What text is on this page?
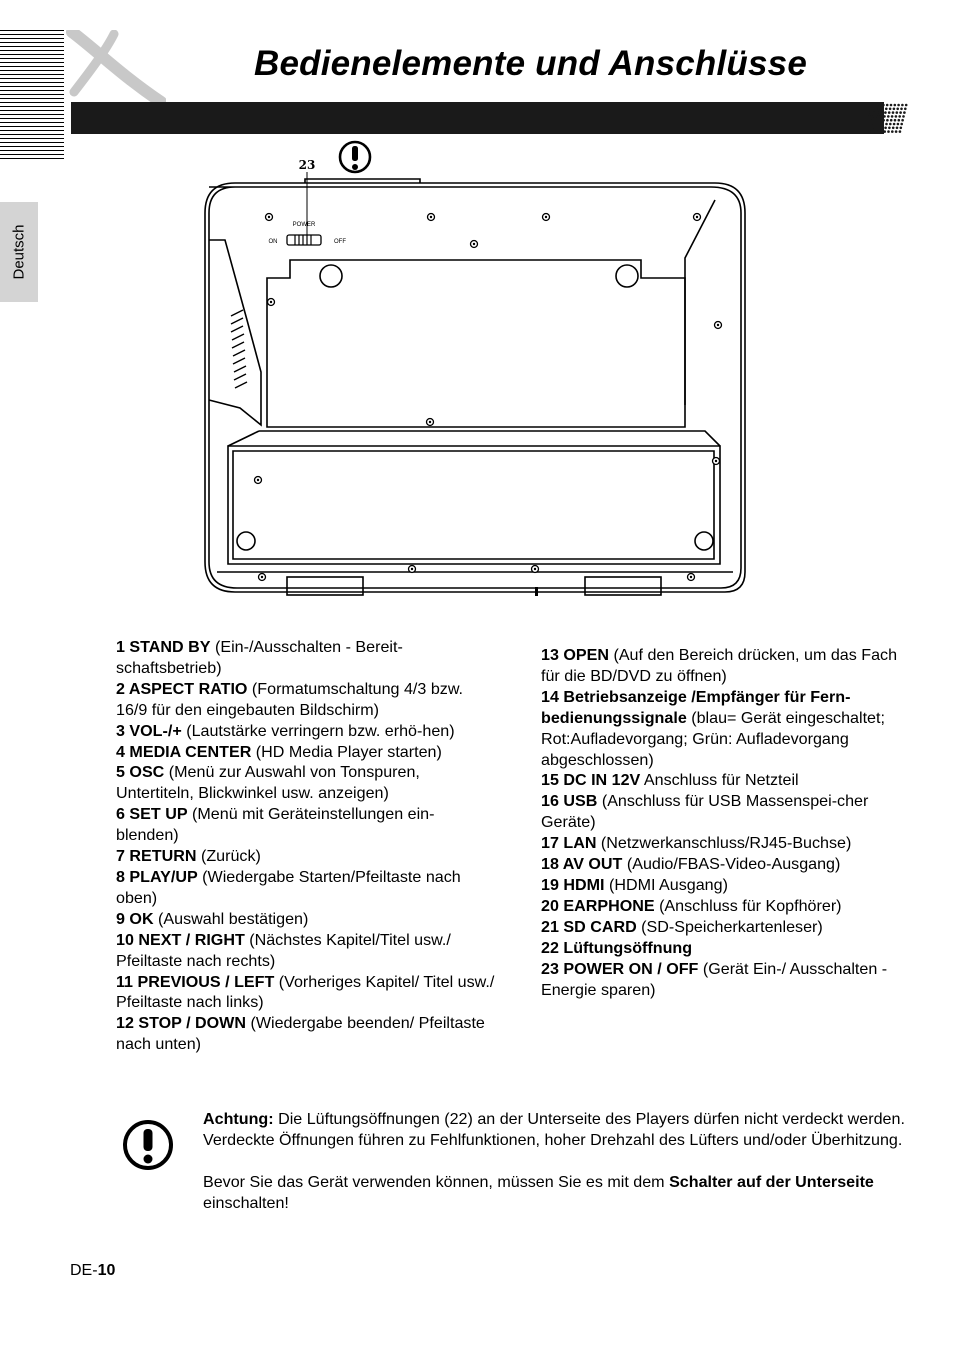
Bedienelemente und Anschlüsse
Deutsch	POWER
ON	OFF
23

1 STAND BY (Ein-/Ausschalten - Bereit-schaftsbetrieb)

2 ASPECT RATIO (Formatumschaltung 4/3 bzw. 16/9 für den eingebauten Bildschirm)

3 VOL-/+ (Lautstärke verringern bzw. erhö-hen)

4 MEDIA CENTER (HD Media Player starten)

5 OSC (Menü zur Auswahl von Tonspuren, Untertiteln, Blickwinkel usw. anzeigen)

6 SET UP (Menü mit Geräteinstellungen ein-blenden)

7 RETURN (Zurück)

8 PLAY/UP (Wiedergabe Starten/Pfeiltaste nach oben)

9 OK (Auswahl bestätigen)

10 NEXT / RIGHT (Nächstes Kapitel/Titel usw./ Pfeiltaste nach rechts)

11 PREVIOUS / LEFT (Vorheriges Kapitel/ Titel usw./ Pfeiltaste nach links)

12 STOP / DOWN (Wiedergabe beenden/ Pfeiltaste nach unten)

13 OPEN (Auf den Bereich drücken, um das Fach für die BD/DVD zu öffnen)

14 Betriebsanzeige /Empfänger für Fern-bedienungssignale (blau= Gerät eingeschaltet; Rot:Aufladevorgang; Grün: Aufladevorgang abgeschlossen)

15 DC IN 12V Anschluss für Netzteil

16 USB (Anschluss für USB Massenspei-cher Geräte)

17 LAN (Netzwerkanschluss/RJ45-Buchse)

18 AV OUT (Audio/FBAS-Video-Ausgang)

19 HDMI (HDMI Ausgang)

20 EARPHONE (Anschluss für Kopfhörer)

21 SD CARD (SD-Speicherkartenleser)

22 Lüftungsöffnung

23 POWER ON / OFF (Gerät Ein-/ Ausschalten - Energie sparen)

Achtung: Die Lüftungsöffnungen (22) an der Unterseite des Players dürfen nicht verdeckt werden. Verdeckte Öffnungen führen zu Fehlfunktionen, hoher Drehzahl des Lüfters und/oder Überhitzung.

Bevor Sie das Gerät verwenden können, müssen Sie es mit dem Schalter auf der Unterseite einschalten!

DE-10
